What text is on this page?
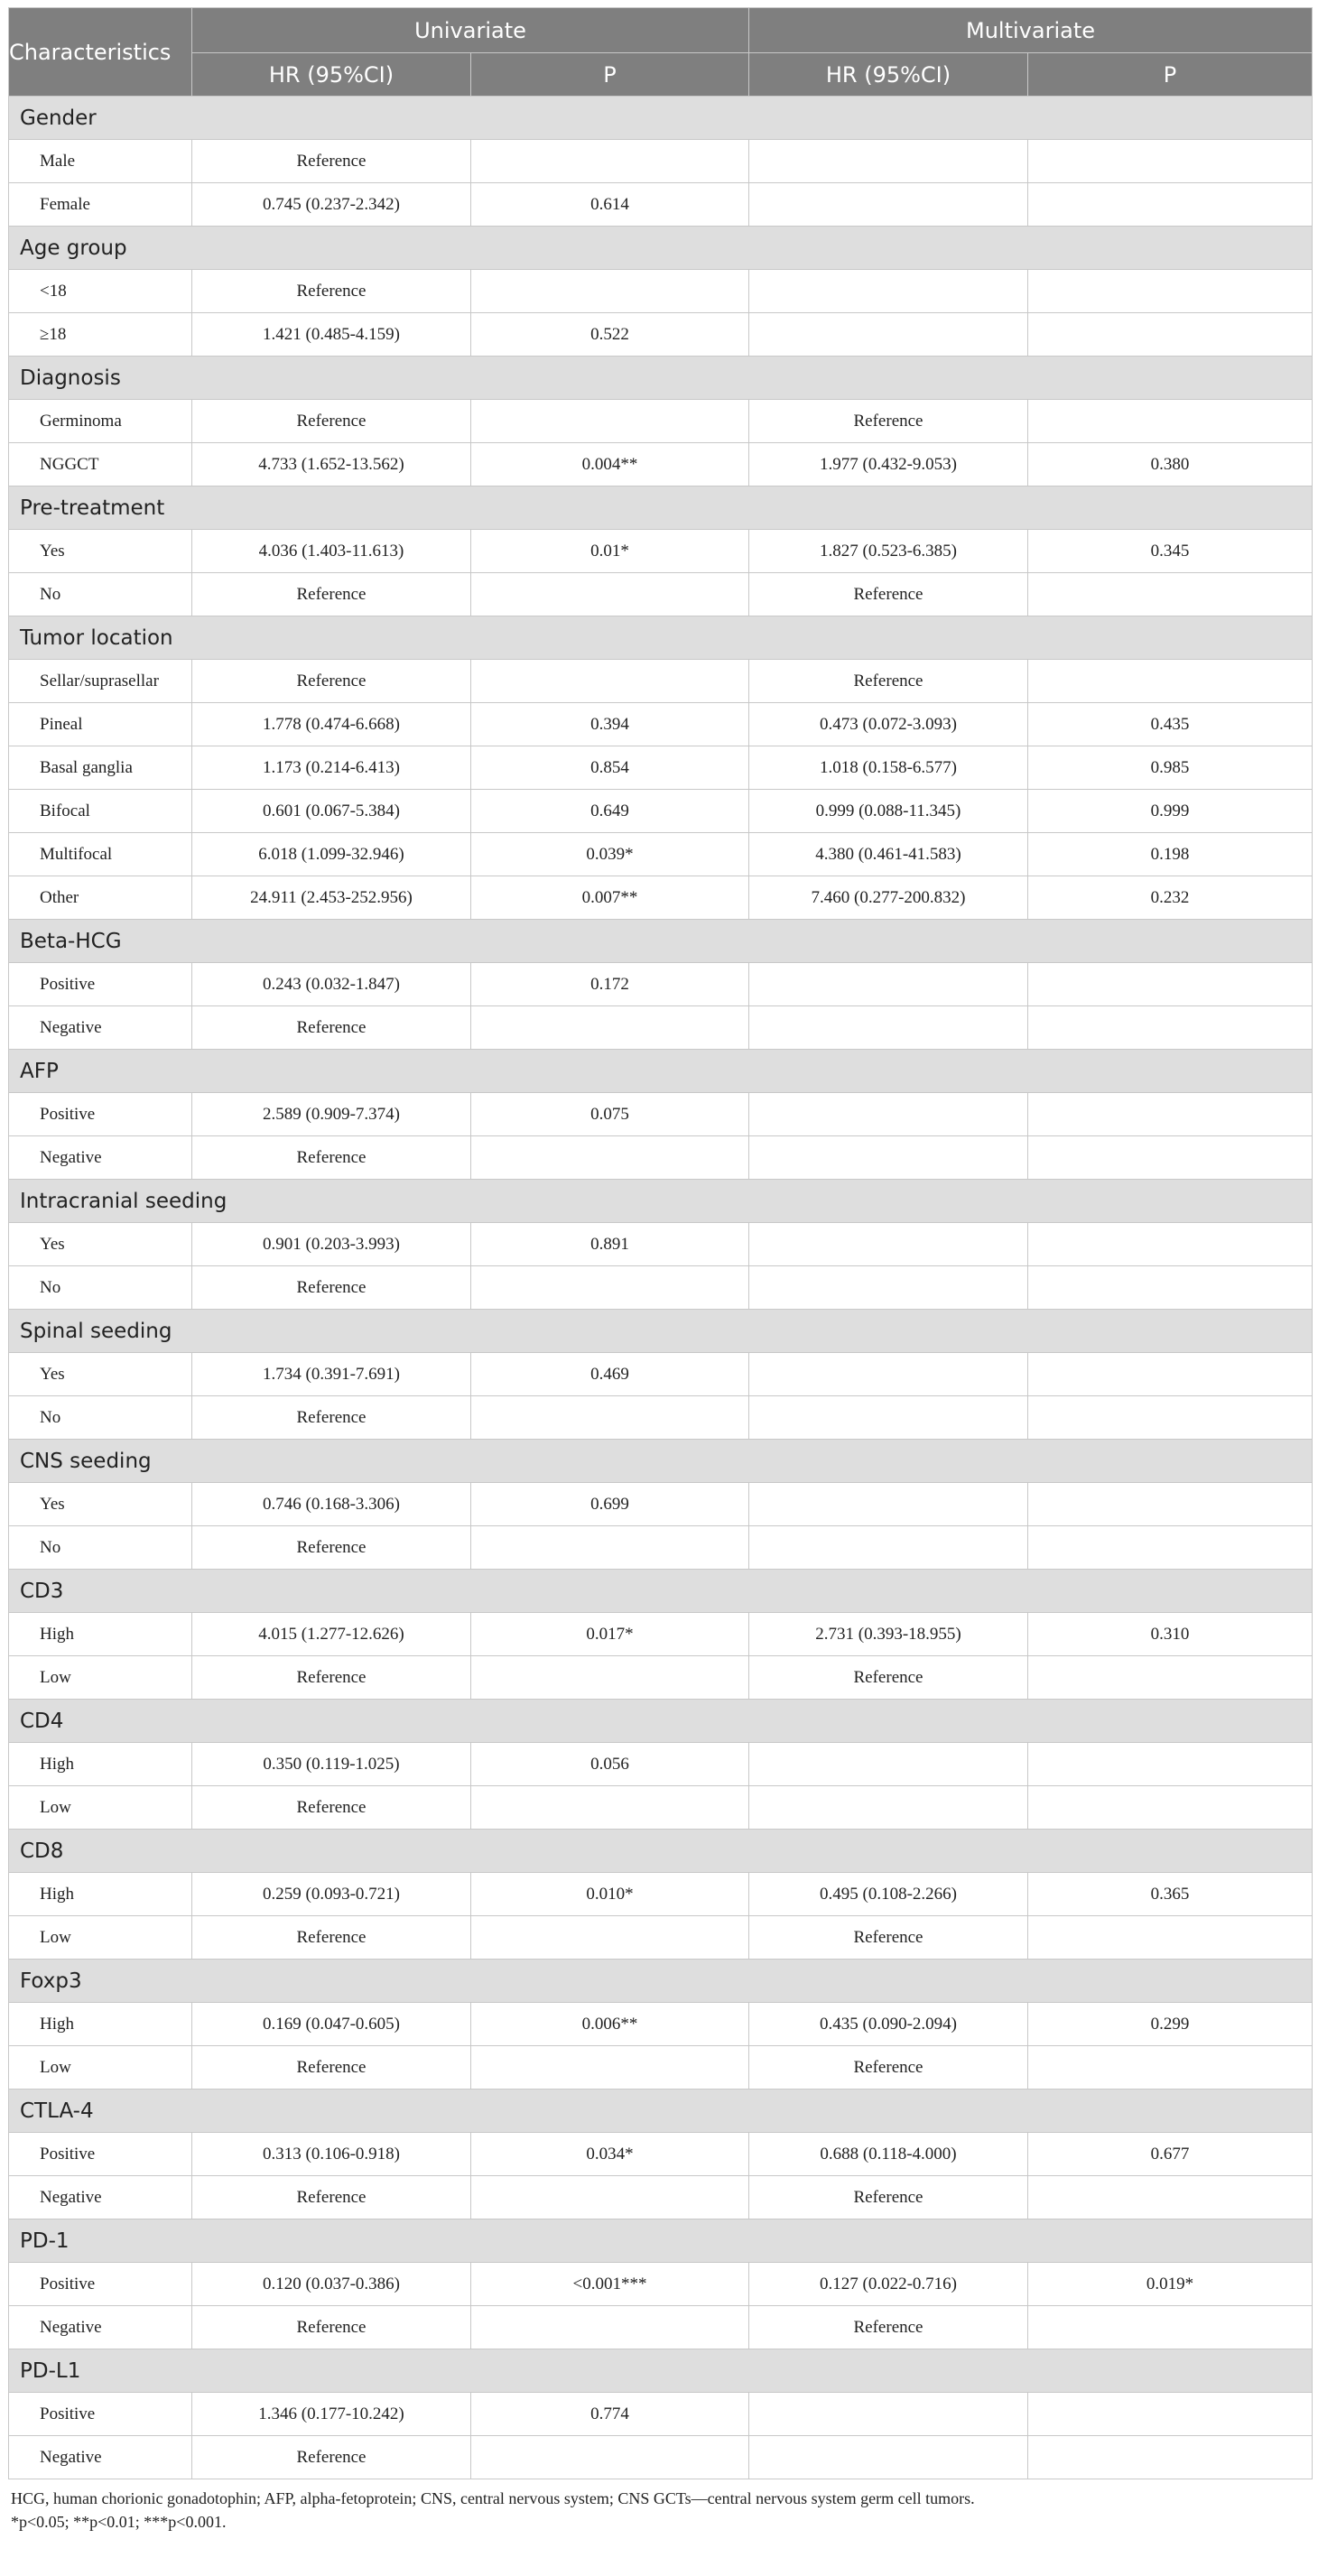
Characteristics	Univariate		Multivariate	
	HR (95%CI)	P	HR (95%CI)	P
Gender				
Male	Reference			
Female	0.745 (0.237-2.342)	0.614		
Age group				
<18	Reference			
≥18	1.421 (0.485-4.159)	0.522		
Diagnosis				
Germinoma	Reference		Reference	
NGGCT	4.733 (1.652-13.562)	0.004**	1.977 (0.432-9.053)	0.380
Pre-treatment				
Yes	4.036 (1.403-11.613)	0.01*	1.827 (0.523-6.385)	0.345
No	Reference		Reference	
Tumor location				
Sellar/suprasellar	Reference		Reference	
Pineal	1.778 (0.474-6.668)	0.394	0.473 (0.072-3.093)	0.435
Basal ganglia	1.173 (0.214-6.413)	0.854	1.018 (0.158-6.577)	0.985
Bifocal	0.601 (0.067-5.384)	0.649	0.999 (0.088-11.345)	0.999
Multifocal	6.018 (1.099-32.946)	0.039*	4.380 (0.461-41.583)	0.198
Other	24.911 (2.453-252.956)	0.007**	7.460 (0.277-200.832)	0.232
Beta-HCG				
Positive	0.243 (0.032-1.847)	0.172		
Negative	Reference			
AFP				
Positive	2.589 (0.909-7.374)	0.075		
Negative	Reference			
Intracranial seeding				
Yes	0.901 (0.203-3.993)	0.891		
No	Reference			
Spinal seeding				
Yes	1.734 (0.391-7.691)	0.469		
No	Reference			
CNS seeding				
Yes	0.746 (0.168-3.306)	0.699		
No	Reference			
CD3				
High	4.015 (1.277-12.626)	0.017*	2.731 (0.393-18.955)	0.310
Low	Reference		Reference	
CD4				
High	0.350 (0.119-1.025)	0.056		
Low	Reference			
CD8				
High	0.259 (0.093-0.721)	0.010*	0.495 (0.108-2.266)	0.365
Low	Reference		Reference	
Foxp3				
High	0.169 (0.047-0.605)	0.006**	0.435 (0.090-2.094)	0.299
Low	Reference		Reference	
CTLA-4				
Positive	0.313 (0.106-0.918)	0.034*	0.688 (0.118-4.000)	0.677
Negative	Reference		Reference	
PD-1				
Positive	0.120 (0.037-0.386)	<0.001***	0.127 (0.022-0.716)	0.019*
Negative	Reference		Reference	
PD-L1				
Positive	1.346 (0.177-10.242)	0.774		
Negative	Reference			
HCG, human chorionic gonadotophin; AFP, alpha-fetoprotein; CNS, central nervous system; CNS GCTs—central nervous system germ cell tumors.
*p<0.05; **p<0.01; ***p<0.001.
